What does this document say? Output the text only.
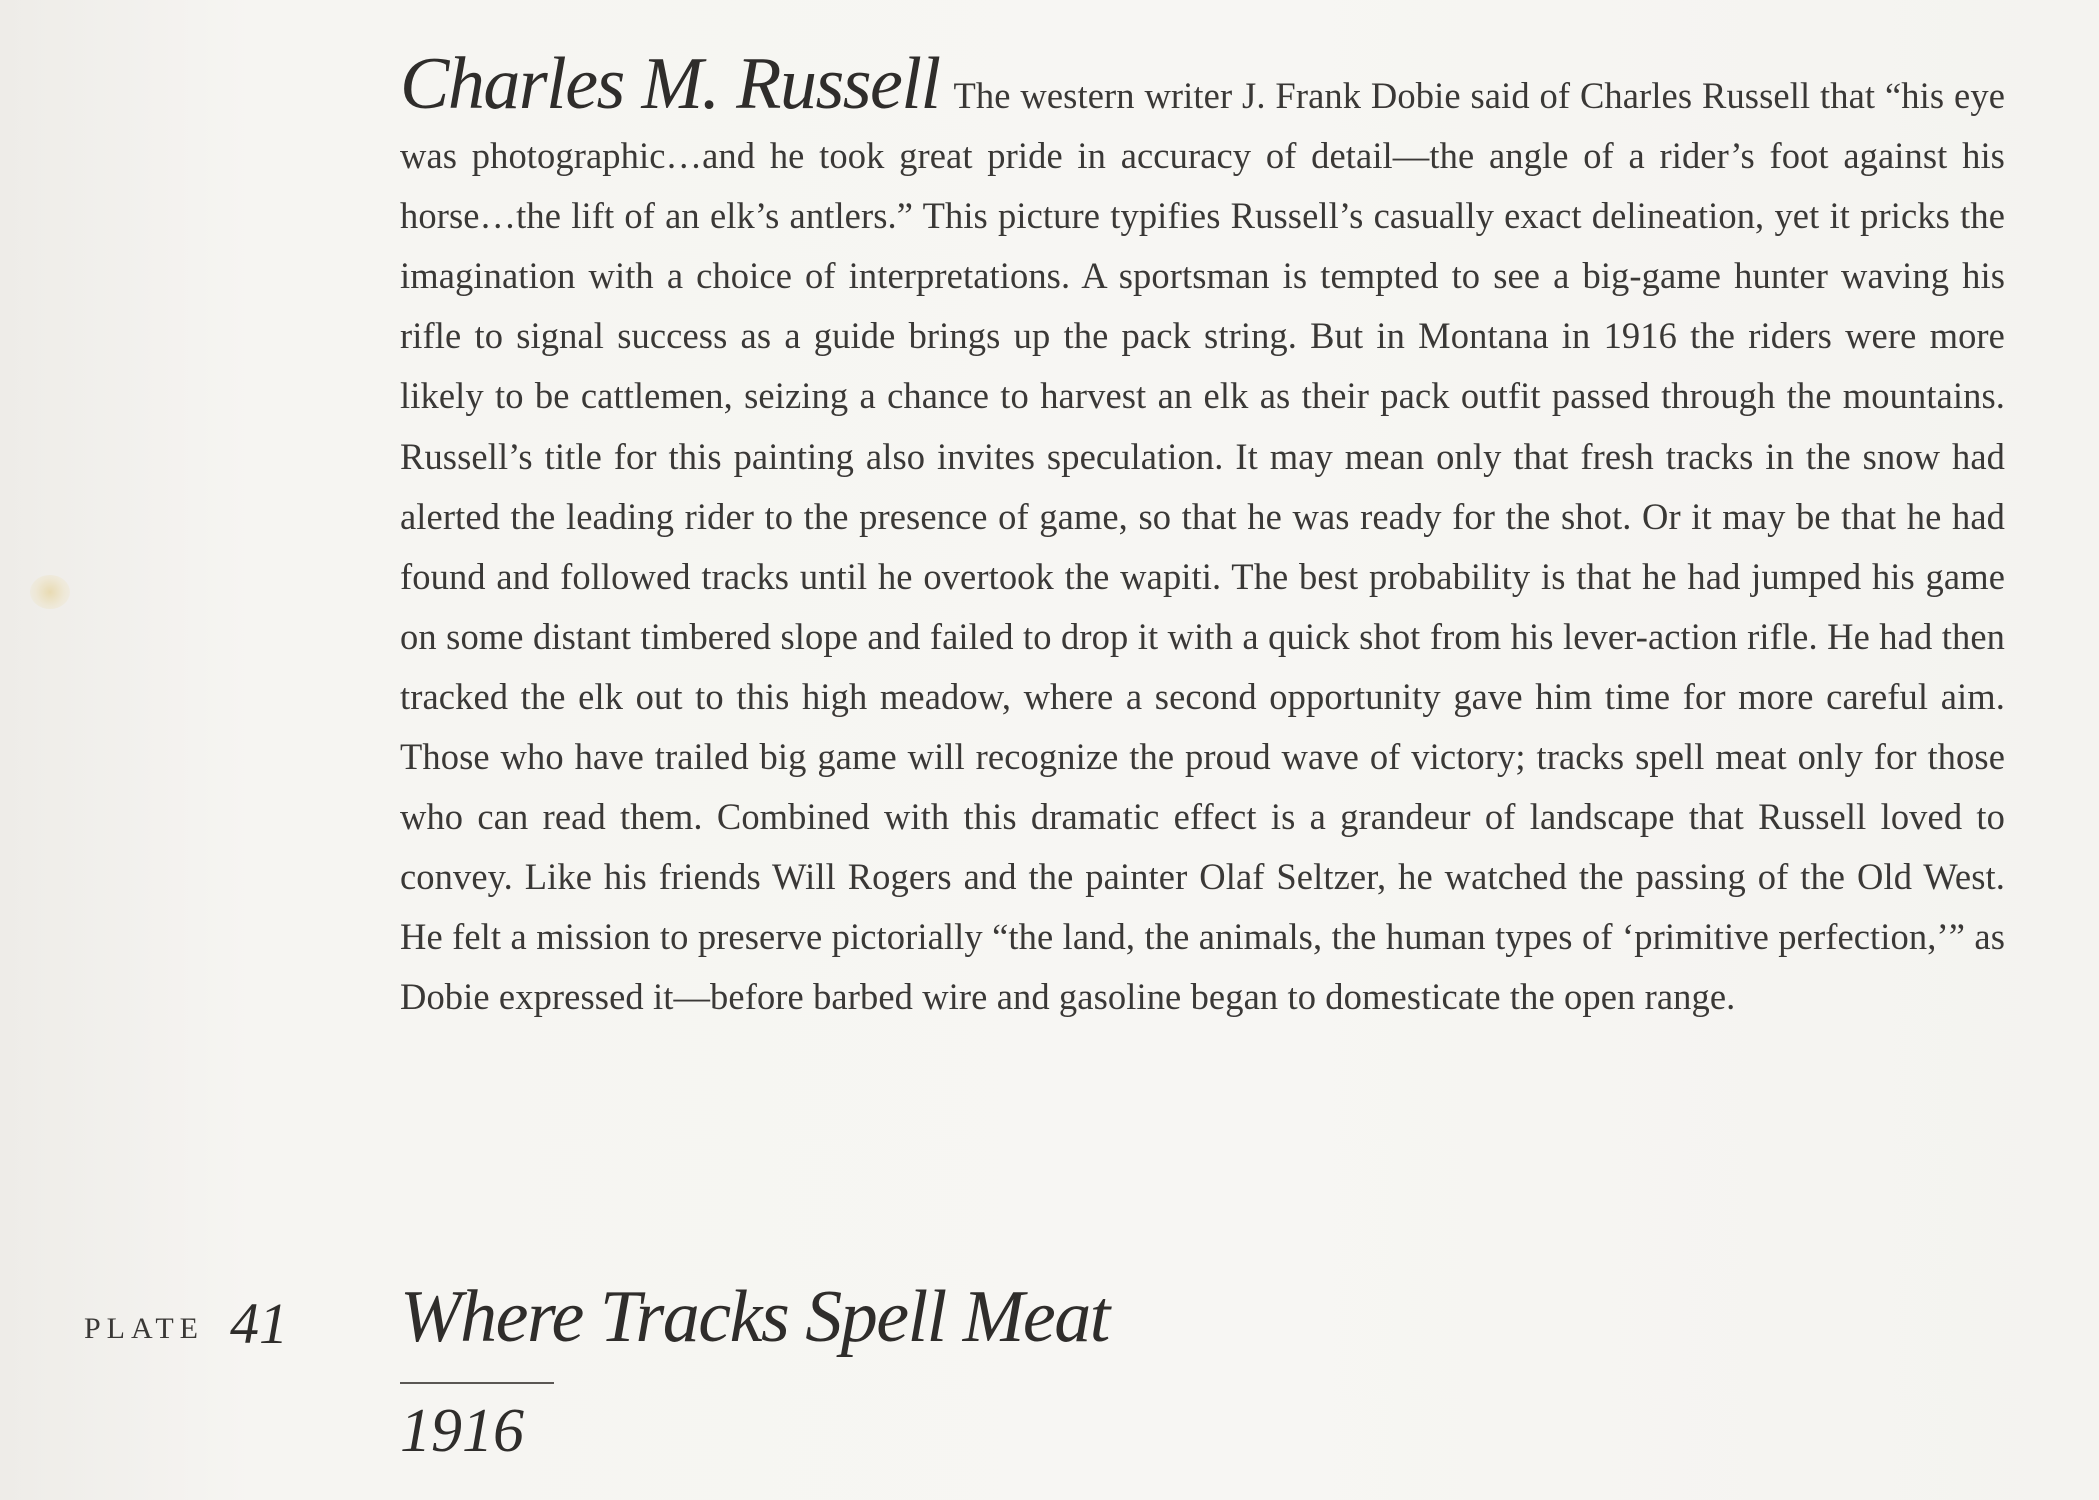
Charles M. Russell The western writer J. Frank Dobie said of Charles Russell that “his eye was photographic…and he took great pride in accuracy of detail—the angle of a rider’s foot against his horse…the lift of an elk’s antlers.” This picture typifies Russell’s casually exact delineation, yet it pricks the imagination with a choice of interpretations. A sportsman is tempted to see a big-game hunter waving his rifle to signal success as a guide brings up the pack string. But in Montana in 1916 the riders were more likely to be cattlemen, seizing a chance to harvest an elk as their pack outfit passed through the mountains. Russell’s title for this painting also invites speculation. It may mean only that fresh tracks in the snow had alerted the leading rider to the presence of game, so that he was ready for the shot. Or it may be that he had found and followed tracks until he overtook the wapiti. The best probability is that he had jumped his game on some distant timbered slope and failed to drop it with a quick shot from his lever-action rifle. He had then tracked the elk out to this high meadow, where a second opportunity gave him time for more careful aim. Those who have trailed big game will recognize the proud wave of victory; tracks spell meat only for those who can read them. Combined with this dramatic effect is a grandeur of landscape that Russell loved to convey. Like his friends Will Rogers and the painter Olaf Seltzer, he watched the passing of the Old West. He felt a mission to preserve pictorially “the land, the animals, the human types of ‘primitive perfection,’” as Dobie expressed it—before barbed wire and gasoline began to domesticate the open range.
PLATE 41 Where Tracks Spell Meat
1916
